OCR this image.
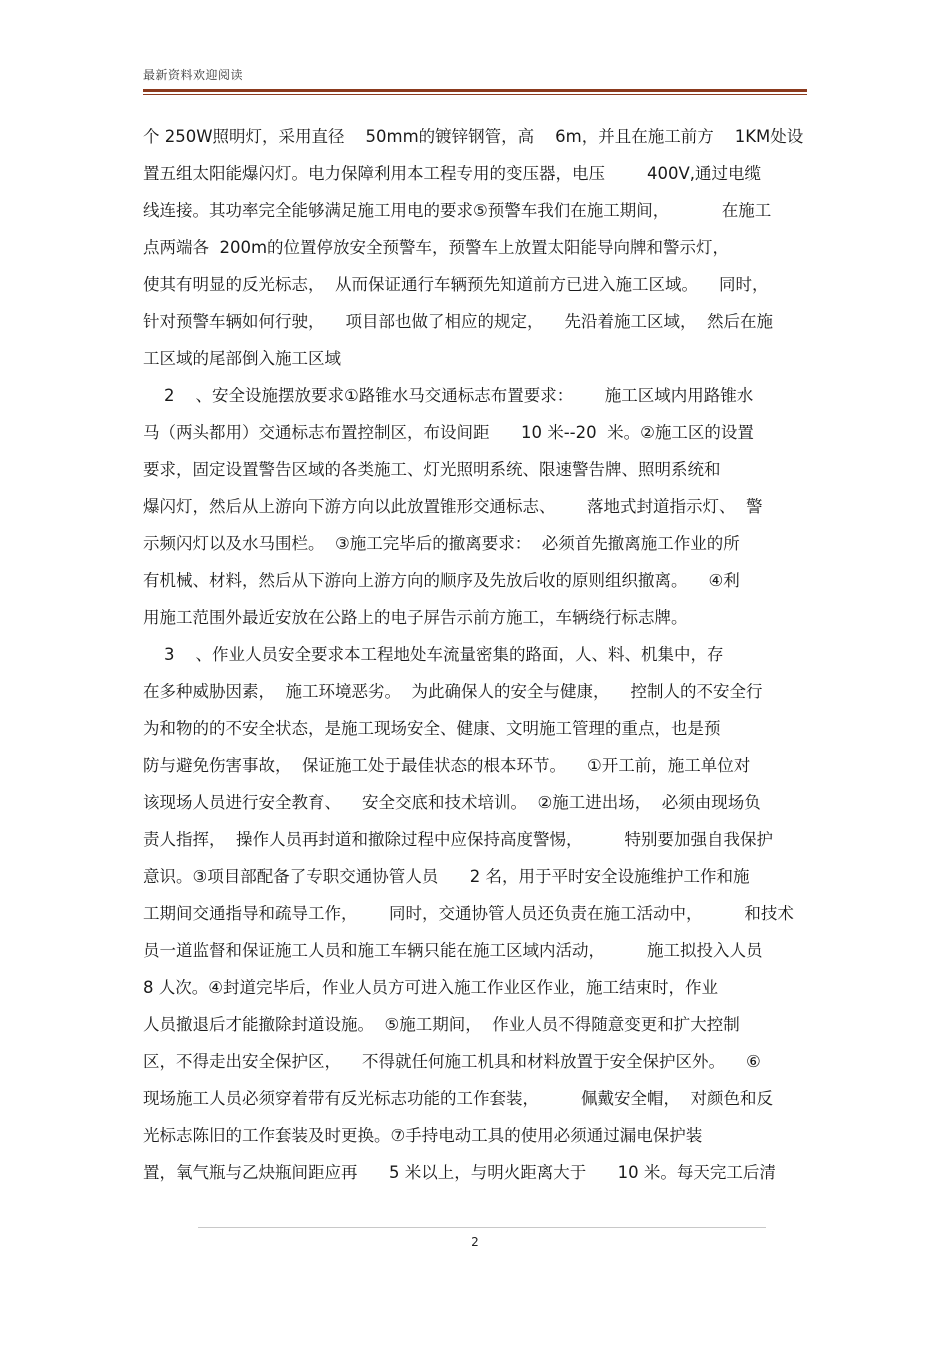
最新资料欢迎阅读
个 250W照明灯，采用直径    50mm的镀锌钢管，高    6m，并且在施工前方    1KM处设
置五组太阳能爆闪灯。电力保障利用本工程专用的变压器，电压        400V,通过电缆
线连接。其功率完全能够满足施工用电的要求⑤预警车我们在施工期间，          在施工
点两端各  200m的位置停放安全预警车，预警车上放置太阳能导向牌和警示灯，
使其有明显的反光标志，  从而保证通行车辆预先知道前方已进入施工区域。    同时，
针对预警车辆如何行驶，    项目部也做了相应的规定，    先沿着施工区域，  然后在施
工区域的尾部倒入施工区域
2    、安全设施摆放要求①路锥水马交通标志布置要求：      施工区域内用路锥水
马（两头都用）交通标志布置控制区，布设间距      10 米--20  米。②施工区的设置
要求，固定设置警告区域的各类施工、灯光照明系统、限速警告牌、照明系统和
爆闪灯，然后从上游向下游方向以此放置锥形交通标志、      落地式封道指示灯、  警
示频闪灯以及水马围栏。  ③施工完毕后的撤离要求：  必须首先撤离施工作业的所
有机械、材料，然后从下游向上游方向的顺序及先放后收的原则组织撤离。    ④利
用施工范围外最近安放在公路上的电子屏告示前方施工，车辆绕行标志牌。
3    、作业人员安全要求本工程地处车流量密集的路面，人、料、机集中，存
在多种威胁因素，  施工环境恶劣。  为此确保人的安全与健康，    控制人的不安全行
为和物的的不安全状态，是施工现场安全、健康、文明施工管理的重点，也是预
防与避免伤害事故，  保证施工处于最佳状态的根本环节。    ①开工前，施工单位对
该现场人员进行安全教育、    安全交底和技术培训。  ②施工进出场，  必须由现场负
责人指挥，  操作人员再封道和撤除过程中应保持高度警惕，        特别要加强自我保护
意识。③项目部配备了专职交通协管人员      2 名，用于平时安全设施维护工作和施
工期间交通指导和疏导工作，      同时，交通协管人员还负责在施工活动中，        和技术
员一道监督和保证施工人员和施工车辆只能在施工区域内活动，        施工拟投入人员
8 人次。④封道完毕后，作业人员方可进入施工作业区作业，施工结束时，作业
人员撤退后才能撤除封道设施。  ⑤施工期间，  作业人员不得随意变更和扩大控制
区，不得走出安全保护区，    不得就任何施工机具和材料放置于安全保护区外。    ⑥
现场施工人员必须穿着带有反光标志功能的工作套装，        佩戴安全帽，  对颜色和反
光标志陈旧的工作套装及时更换。⑦手持电动工具的使用必须通过漏电保护装
置，氧气瓶与乙炔瓶间距应再      5 米以上，与明火距离大于      10 米。每天完工后清
2
